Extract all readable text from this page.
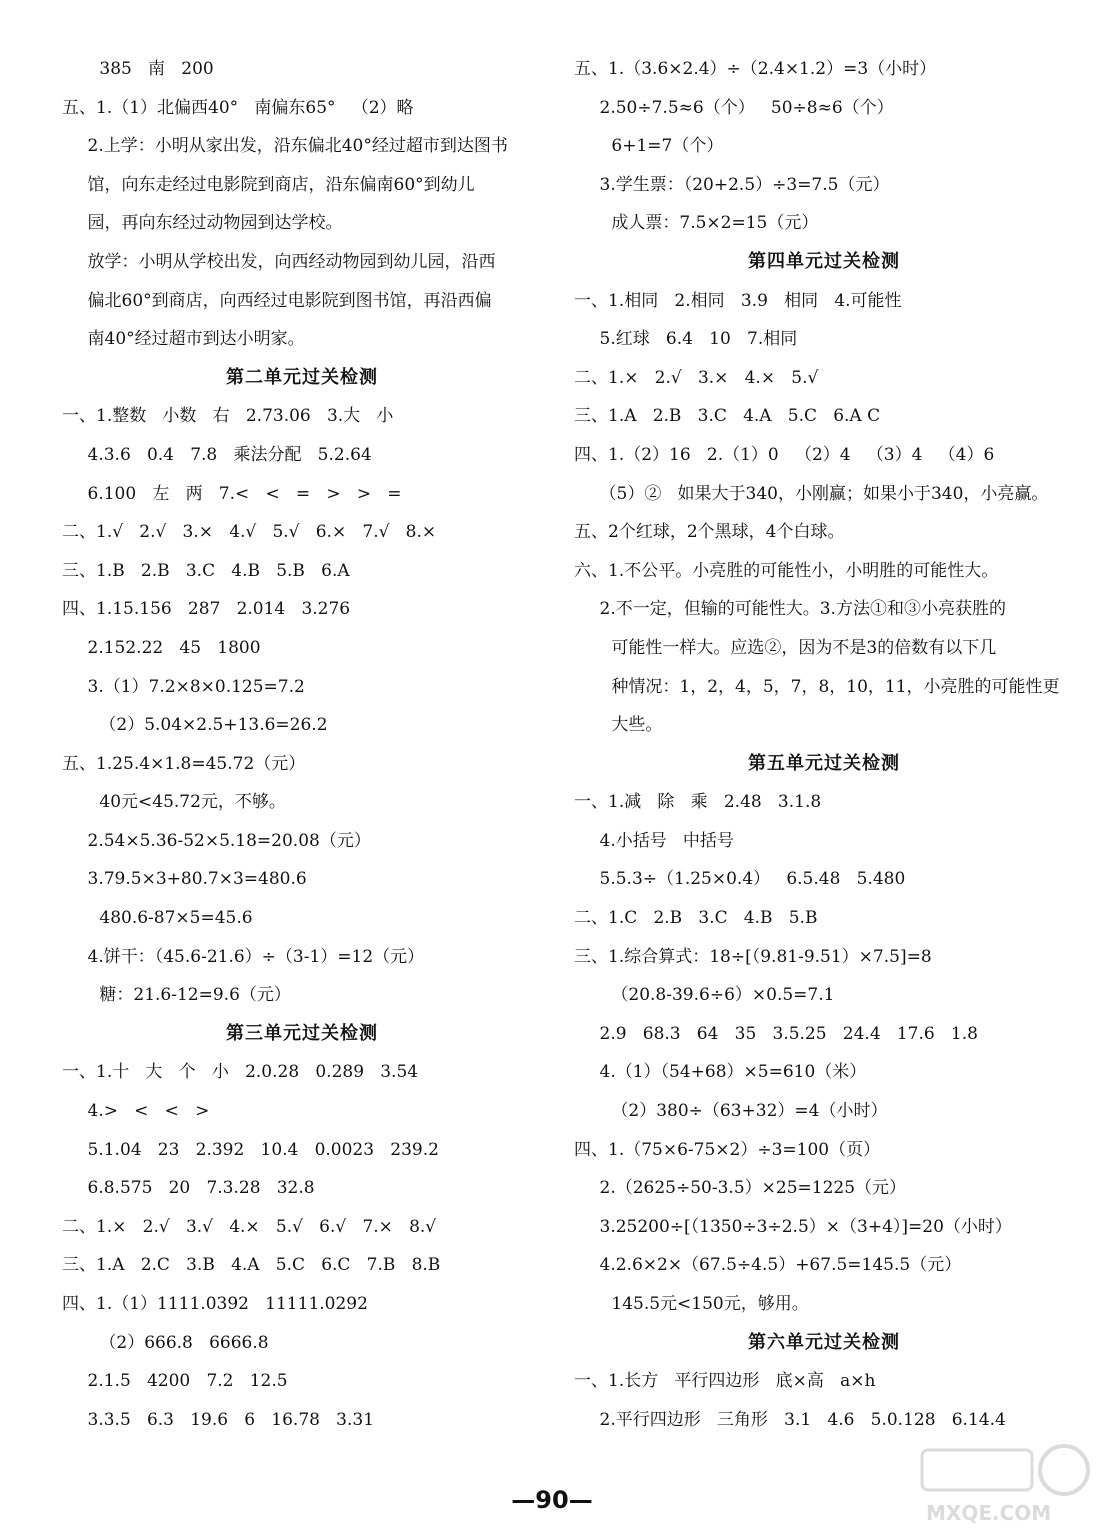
385   南   200
五、1.（1）北偏西40°   南偏东65°   （2）略
2.上学：小明从家出发，沿东偏北40°经过超市到达图书
馆，向东走经过电影院到商店，沿东偏南60°到幼儿
园，再向东经过动物园到达学校。
放学：小明从学校出发，向西经动物园到幼儿园，沿西
偏北60°到商店，向西经过电影院到图书馆，再沿西偏
南40°经过超市到达小明家。
第二单元过关检测
一、1.整数   小数   右   2.73.06   3.大   小
4.3.6   0.4   7.8   乘法分配   5.2.64
6.100   左   两   7.<   <   =   >   >   =
二、1.√   2.√   3.×   4.√   5.√   6.×   7.√   8.×
三、1.B   2.B   3.C   4.B   5.B   6.A
四、1.15.156   287   2.014   3.276
2.152.22   45   1800
3.（1）7.2×8×0.125=7.2
（2）5.04×2.5+13.6=26.2
五、1.25.4×1.8=45.72（元）
40元<45.72元，不够。
2.54×5.36-52×5.18=20.08（元）
3.79.5×3+80.7×3=480.6
480.6-87×5=45.6
4.饼干：（45.6-21.6）÷（3-1）=12（元）
糖：21.6-12=9.6（元）
第三单元过关检测
一、1.十   大   个   小   2.0.28   0.289   3.54
4.>   <   <   >
5.1.04   23   2.392   10.4   0.0023   239.2
6.8.575   20   7.3.28   32.8
二、1.×   2.√   3.√   4.×   5.√   6.√   7.×   8.√
三、1.A   2.C   3.B   4.A   5.C   6.C   7.B   8.B
四、1.（1）1111.0392   11111.0292
（2）666.8   6666.8
2.1.5   4200   7.2   12.5
3.3.5   6.3   19.6   6   16.78   3.31
五、1.（3.6×2.4）÷（2.4×1.2）=3（小时）
2.50÷7.5≈6（个）   50÷8≈6（个）
6+1=7（个）
3.学生票：（20+2.5）÷3=7.5（元）
成人票：7.5×2=15（元）
第四单元过关检测
一、1.相同   2.相同   3.9   相同   4.可能性
5.红球   6.4   10   7.相同
二、1.×   2.√   3.×   4.×   5.√
三、1.A   2.B   3.C   4.A   5.C   6.A C
四、1.（2）16   2.（1）0   （2）4   （3）4   （4）6
（5）②   如果大于340，小刚赢；如果小于340，小亮赢。
五、2个红球，2个黑球，4个白球。
六、1.不公平。小亮胜的可能性小，小明胜的可能性大。
2.不一定，但输的可能性大。3.方法①和③小亮获胜的
可能性一样大。应选②，因为不是3的倍数有以下几
种情况：1，2，4，5，7，8，10，11，小亮胜的可能性更
大些。
第五单元过关检测
一、1.减   除   乘   2.48   3.1.8
4.小括号   中括号
5.5.3÷（1.25×0.4）   6.5.48   5.480
二、1.C   2.B   3.C   4.B   5.B
三、1.综合算式：18÷[（9.81-9.51）×7.5]=8
（20.8-39.6÷6）×0.5=7.1
2.9   68.3   64   35   3.5.25   24.4   17.6   1.8
4.（1）（54+68）×5=610（米）
（2）380÷（63+32）=4（小时）
四、1.（75×6-75×2）÷3=100（页）
2.（2625÷50-3.5）×25=1225（元）
3.25200÷[（1350÷3÷2.5）×（3+4）]=20（小时）
4.2.6×2×（67.5÷4.5）+67.5=145.5（元）
145.5元<150元，够用。
第六单元过关检测
一、1.长方   平行四边形   底×高   a×h
2.平行四边形   三角形   3.1   4.6   5.0.128   6.14.4
—90—	MXQE.COM
